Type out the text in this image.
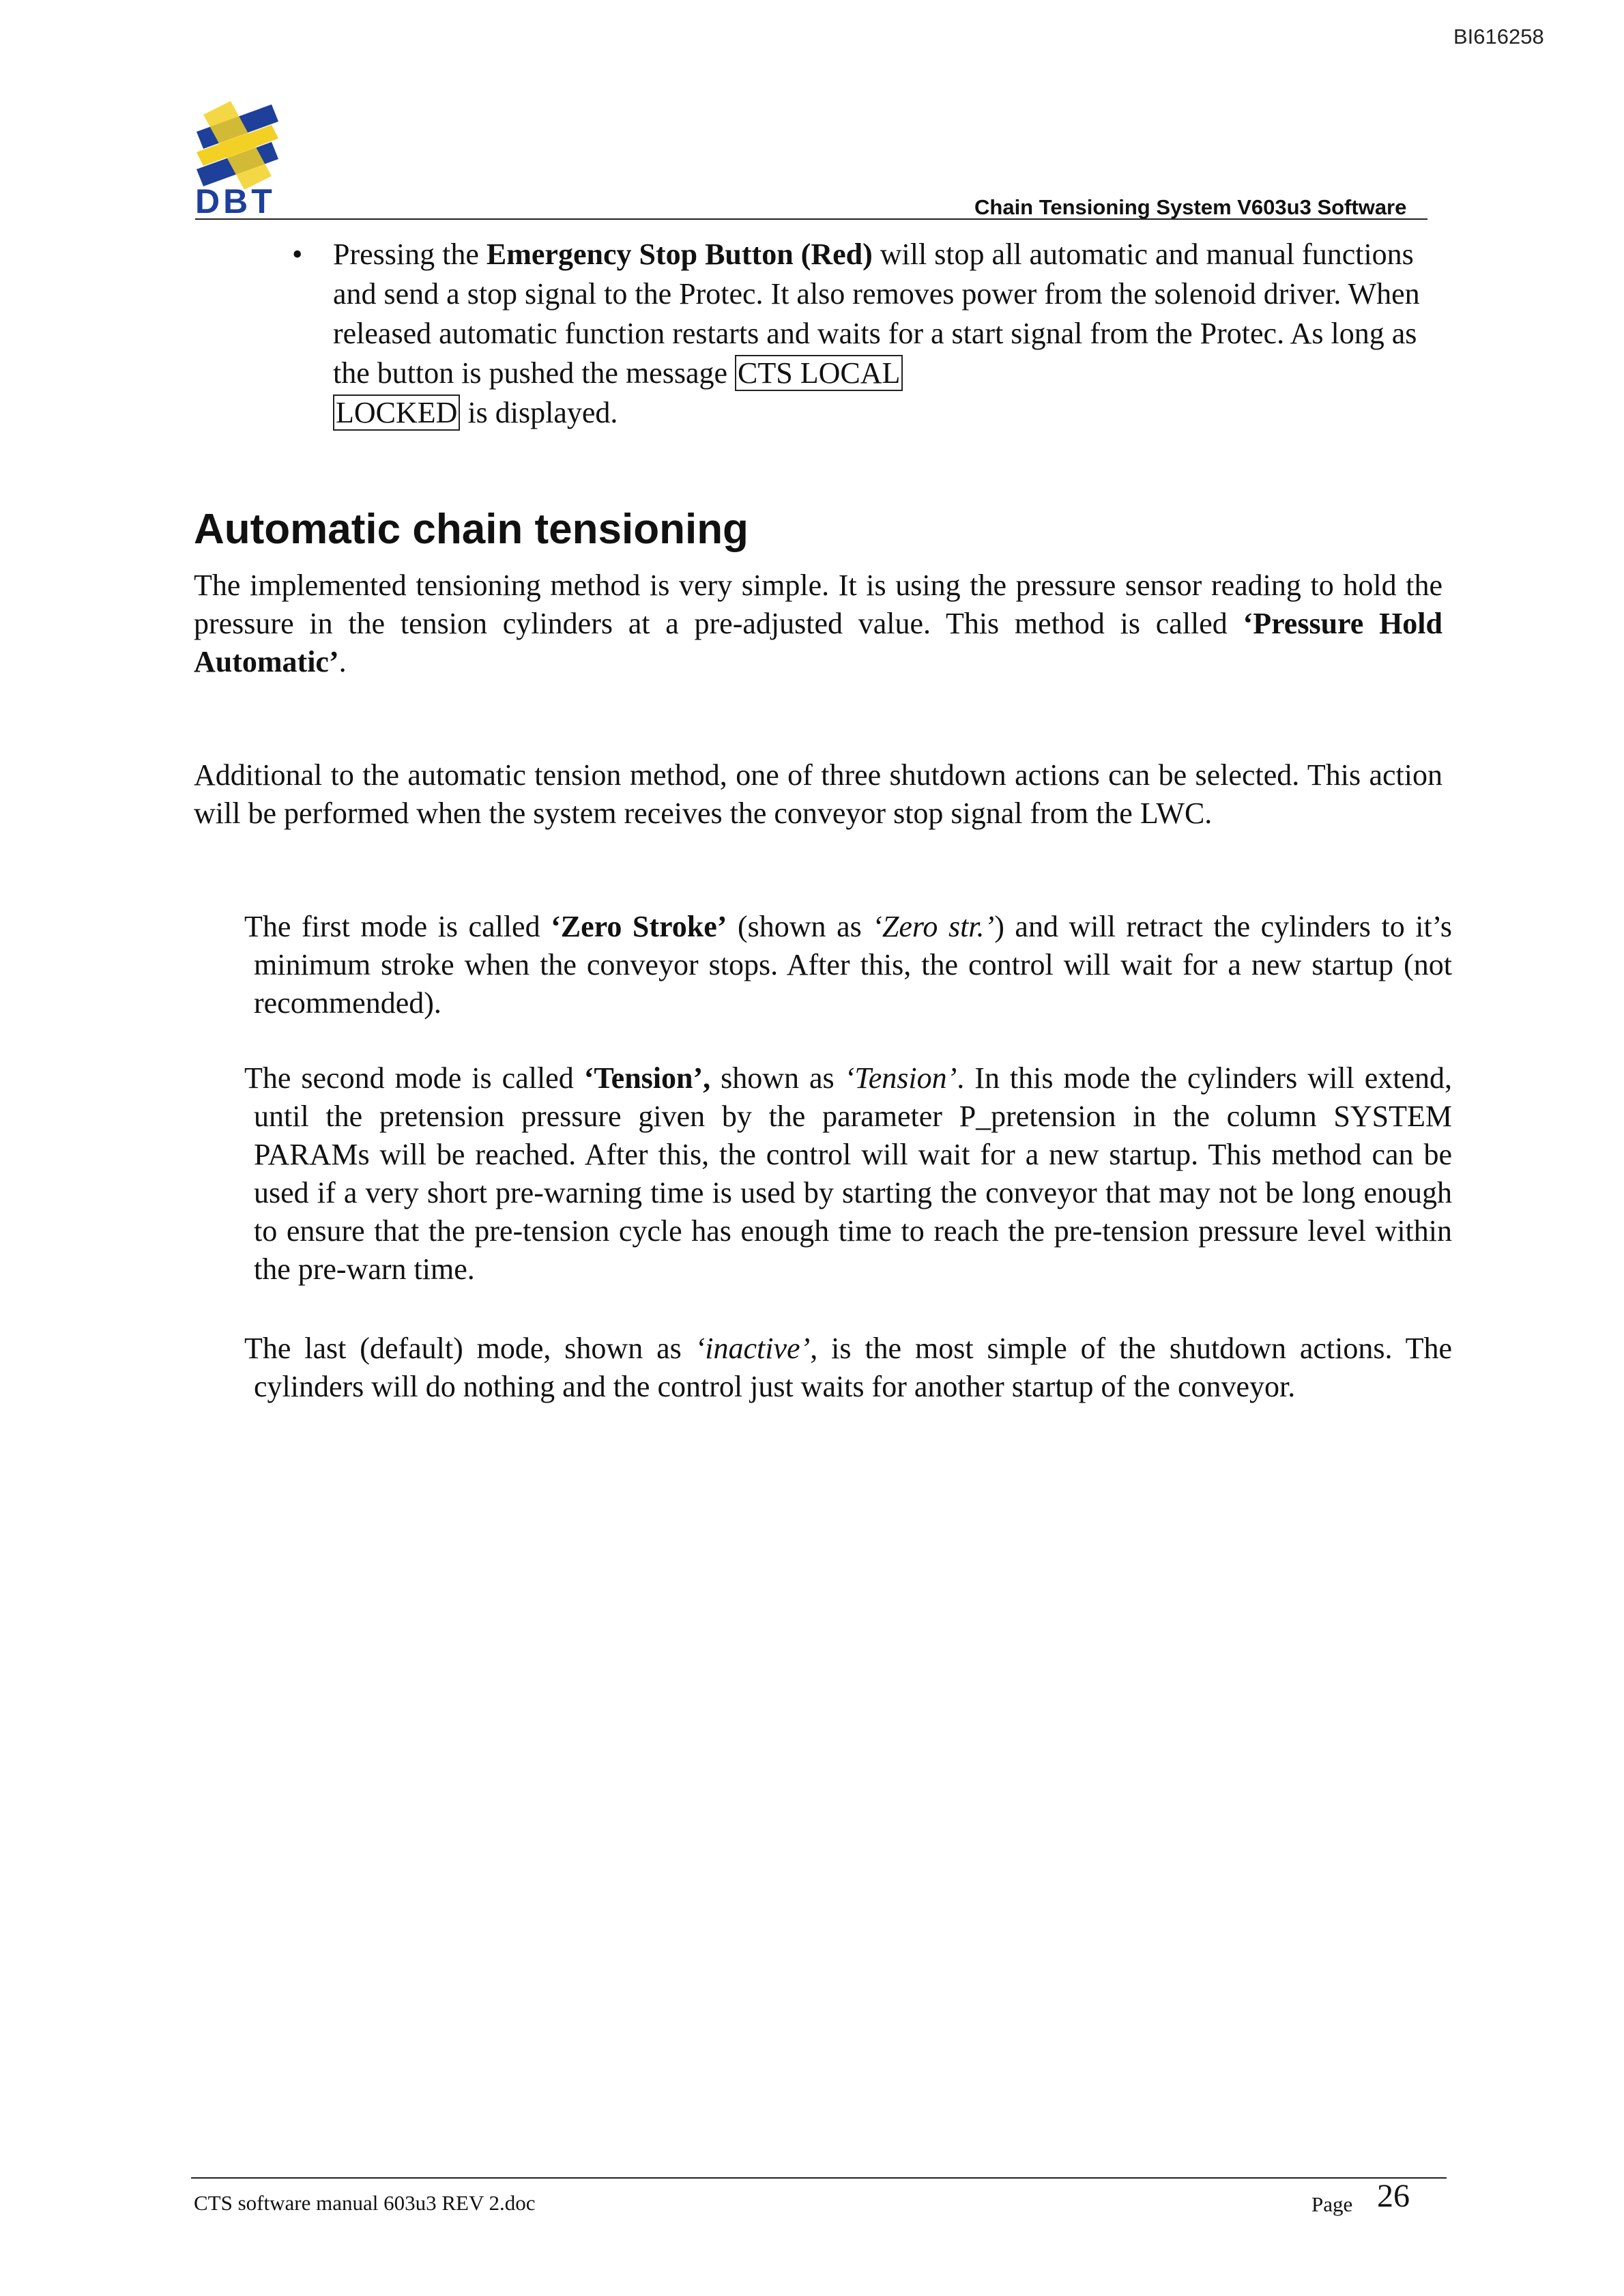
BI616258
DBT	Chain Tensioning System V603u3 Software
• Pressing the Emergency Stop Button (Red) will stop all automatic and manual functions and send a stop signal to the Protec. It also removes power from the solenoid driver. When released automatic function restarts and waits for a start signal from the Protec. As long as the button is pushed the message CTS LOCAL
LOCKED is displayed.
Automatic chain tensioning

The implemented tensioning method is very simple. It is using the pressure sensor reading to hold the pressure in the tension cylinders at a pre-adjusted value. This method is called ‘Pressure Hold Automatic’.

Additional to the automatic tension method, one of three shutdown actions can be selected. This action will be performed when the system receives the conveyor stop signal from the LWC.

The first mode is called ‘Zero Stroke’ (shown as ‘Zero str.’) and will retract the cylinders to it’s minimum stroke when the conveyor stops. After this, the control will wait for a new startup (not recommended).

The second mode is called ‘Tension’, shown as ‘Tension’. In this mode the cylinders will extend, until the pretension pressure given by the parameter P_pretension in the column SYSTEM PARAMs will be reached. After this, the control will wait for a new startup. This method can be used if a very short pre-warning time is used by starting the conveyor that may not be long enough to ensure that the pre-tension cycle has enough time to reach the pre-tension pressure level within the pre-warn time.

The last (default) mode, shown as ‘inactive’, is the most simple of the shutdown actions. The cylinders will do nothing and the control just waits for another startup of the conveyor.

CTS software manual 603u3 REV 2.doc	Page 26
